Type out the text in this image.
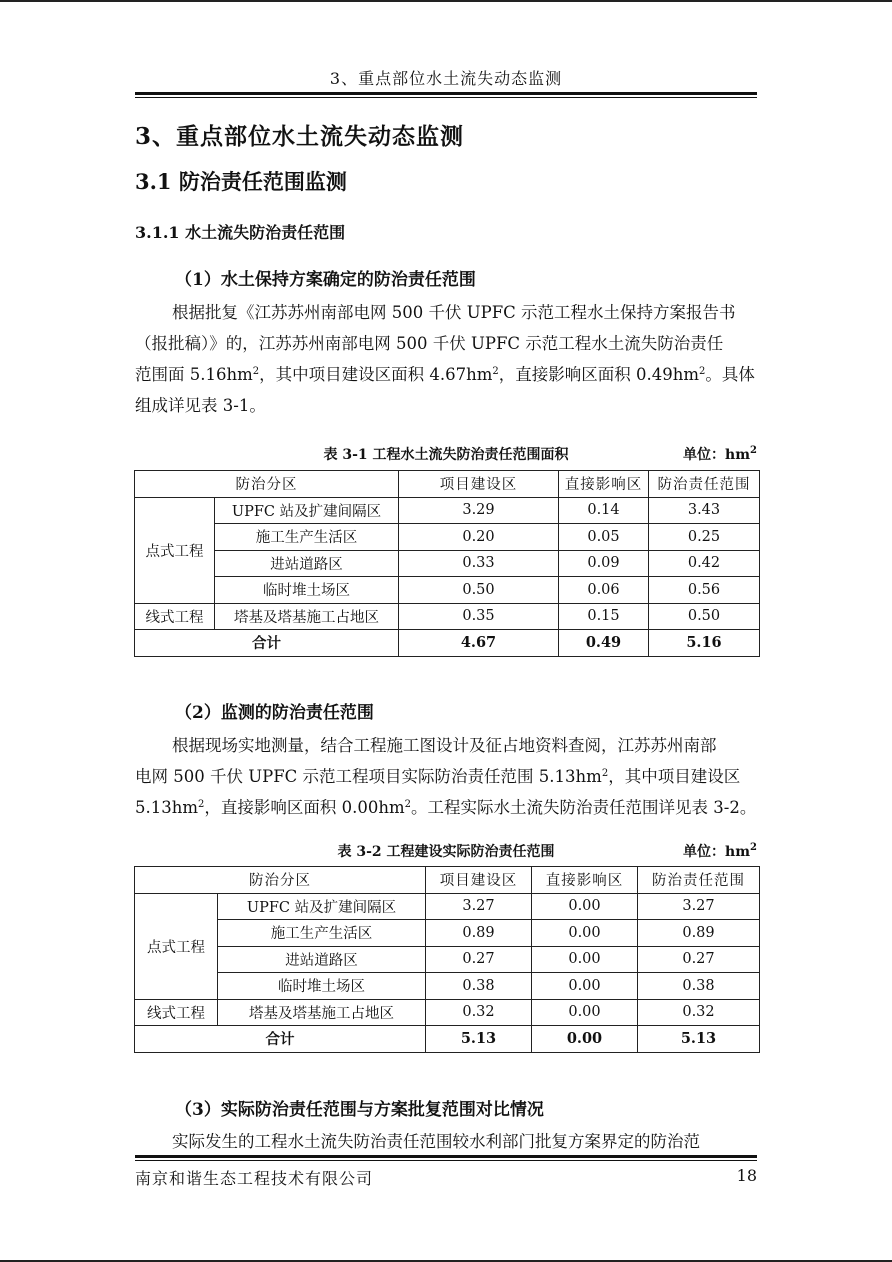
3、重点部位水土流失动态监测
3、重点部位水土流失动态监测
3.1 防治责任范围监测
3.1.1 水土流失防治责任范围
（1）水土保持方案确定的防治责任范围
根据批复《江苏苏州南部电网 500 千伏 UPFC 示范工程水土保持方案报告书
（报批稿）》的，江苏苏州南部电网 500 千伏 UPFC 示范工程水土流失防治责任
范围面 $5.16hm^2$，其中项目建设区面积 $4.67hm^2$，直接影响区面积 $0.49hm^2$。具体
组成详见表 3-1。
表 3-1 工程水土流失防治责任范围面积	单位：$hm^2$
防治分区		项目建设区	直接影响区	防治责任范围
点式工程	UPFC 站及扩建间隔区	3.29	0.14	3.43
	施工生产生活区	0.20	0.05	0.25
	进站道路区	0.33	0.09	0.42
	临时堆土场区	0.50	0.06	0.56
线式工程	塔基及塔基施工占地区	0.35	0.15	0.50
合计		4.67	0.49	5.16
（2）监测的防治责任范围
根据现场实地测量，结合工程施工图设计及征占地资料查阅，江苏苏州南部
电网 500 千伏 UPFC 示范工程项目实际防治责任范围 $5.13hm^2$，其中项目建设区
$5.13hm^2$，直接影响区面积 $0.00hm^2$。工程实际水土流失防治责任范围详见表 3-2。
表 3-2 工程建设实际防治责任范围	单位：$hm^2$
防治分区		项目建设区	直接影响区	防治责任范围
点式工程	UPFC 站及扩建间隔区	3.27	0.00	3.27
	施工生产生活区	0.89	0.00	0.89
	进站道路区	0.27	0.00	0.27
	临时堆土场区	0.38	0.00	0.38
线式工程	塔基及塔基施工占地区	0.32	0.00	0.32
合计		5.13	0.00	5.13
（3）实际防治责任范围与方案批复范围对比情况
实际发生的工程水土流失防治责任范围较水利部门批复方案界定的防治范
南京和谐生态工程技术有限公司	18
